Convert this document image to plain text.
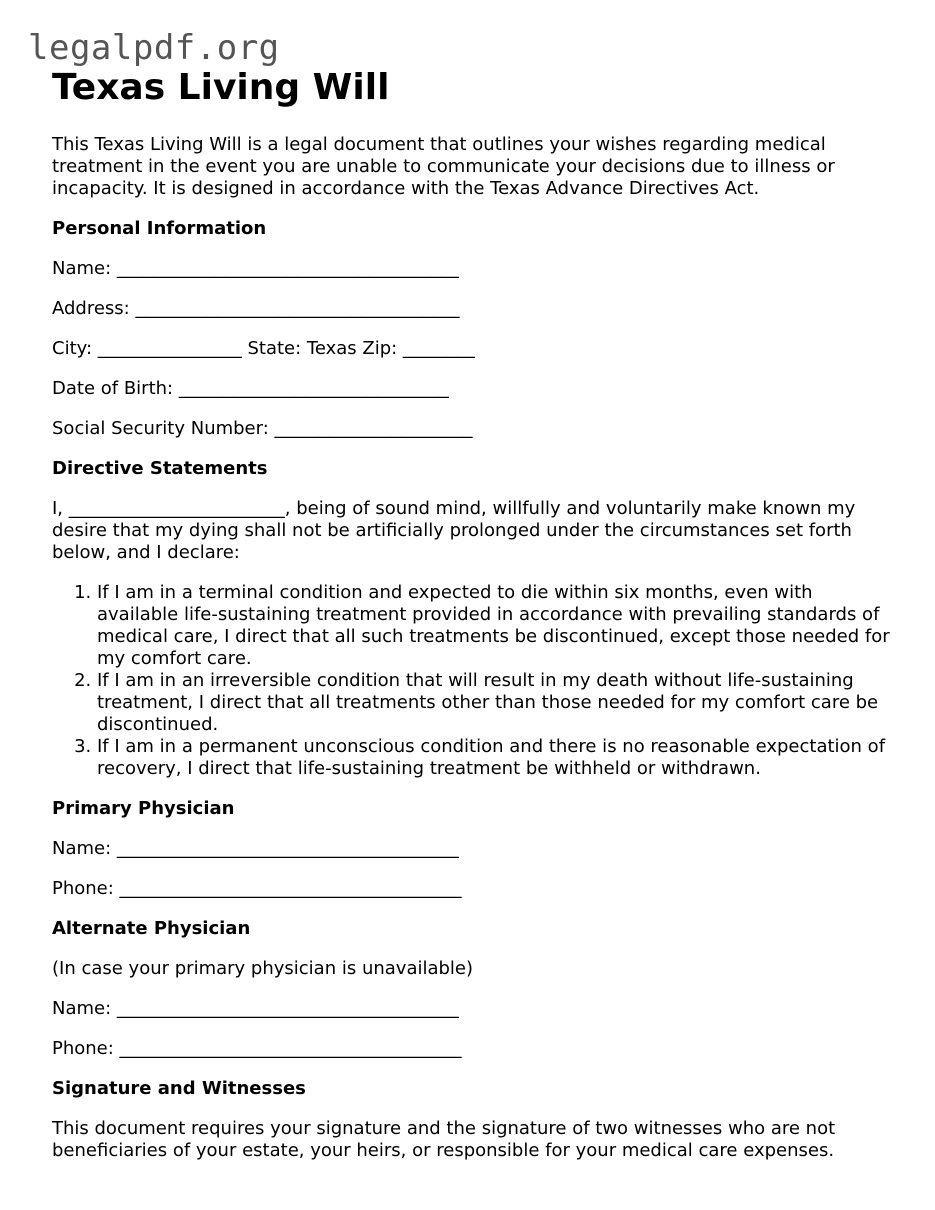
legalpdf.org
Texas Living Will

This Texas Living Will is a legal document that outlines your wishes regarding medical treatment in the event you are unable to communicate your decisions due to illness or incapacity. It is designed in accordance with the Texas Advance Directives Act.

Personal Information
Name: ______________________________________
Address: ____________________________________
City: ________________ State: Texas Zip: ________
Date of Birth: ______________________________
Social Security Number: ______________________
Directive Statements

I, ________________________, being of sound mind, willfully and voluntarily make known my desire that my dying shall not be artificially prolonged under the circumstances set forth below, and I declare:

1. If I am in a terminal condition and expected to die within six months, even with available life-sustaining treatment provided in accordance with prevailing standards of medical care, I direct that all such treatments be discontinued, except those needed for my comfort care.
2. If I am in an irreversible condition that will result in my death without life-sustaining treatment, I direct that all treatments other than those needed for my comfort care be discontinued.
3. If I am in a permanent unconscious condition and there is no reasonable expectation of recovery, I direct that life-sustaining treatment be withheld or withdrawn.
Primary Physician
Name: ______________________________________
Phone: ______________________________________
Alternate Physician
(In case your primary physician is unavailable)
Name: ______________________________________
Phone: ______________________________________
Signature and Witnesses

This document requires your signature and the signature of two witnesses who are not beneficiaries of your estate, your heirs, or responsible for your medical care expenses.
